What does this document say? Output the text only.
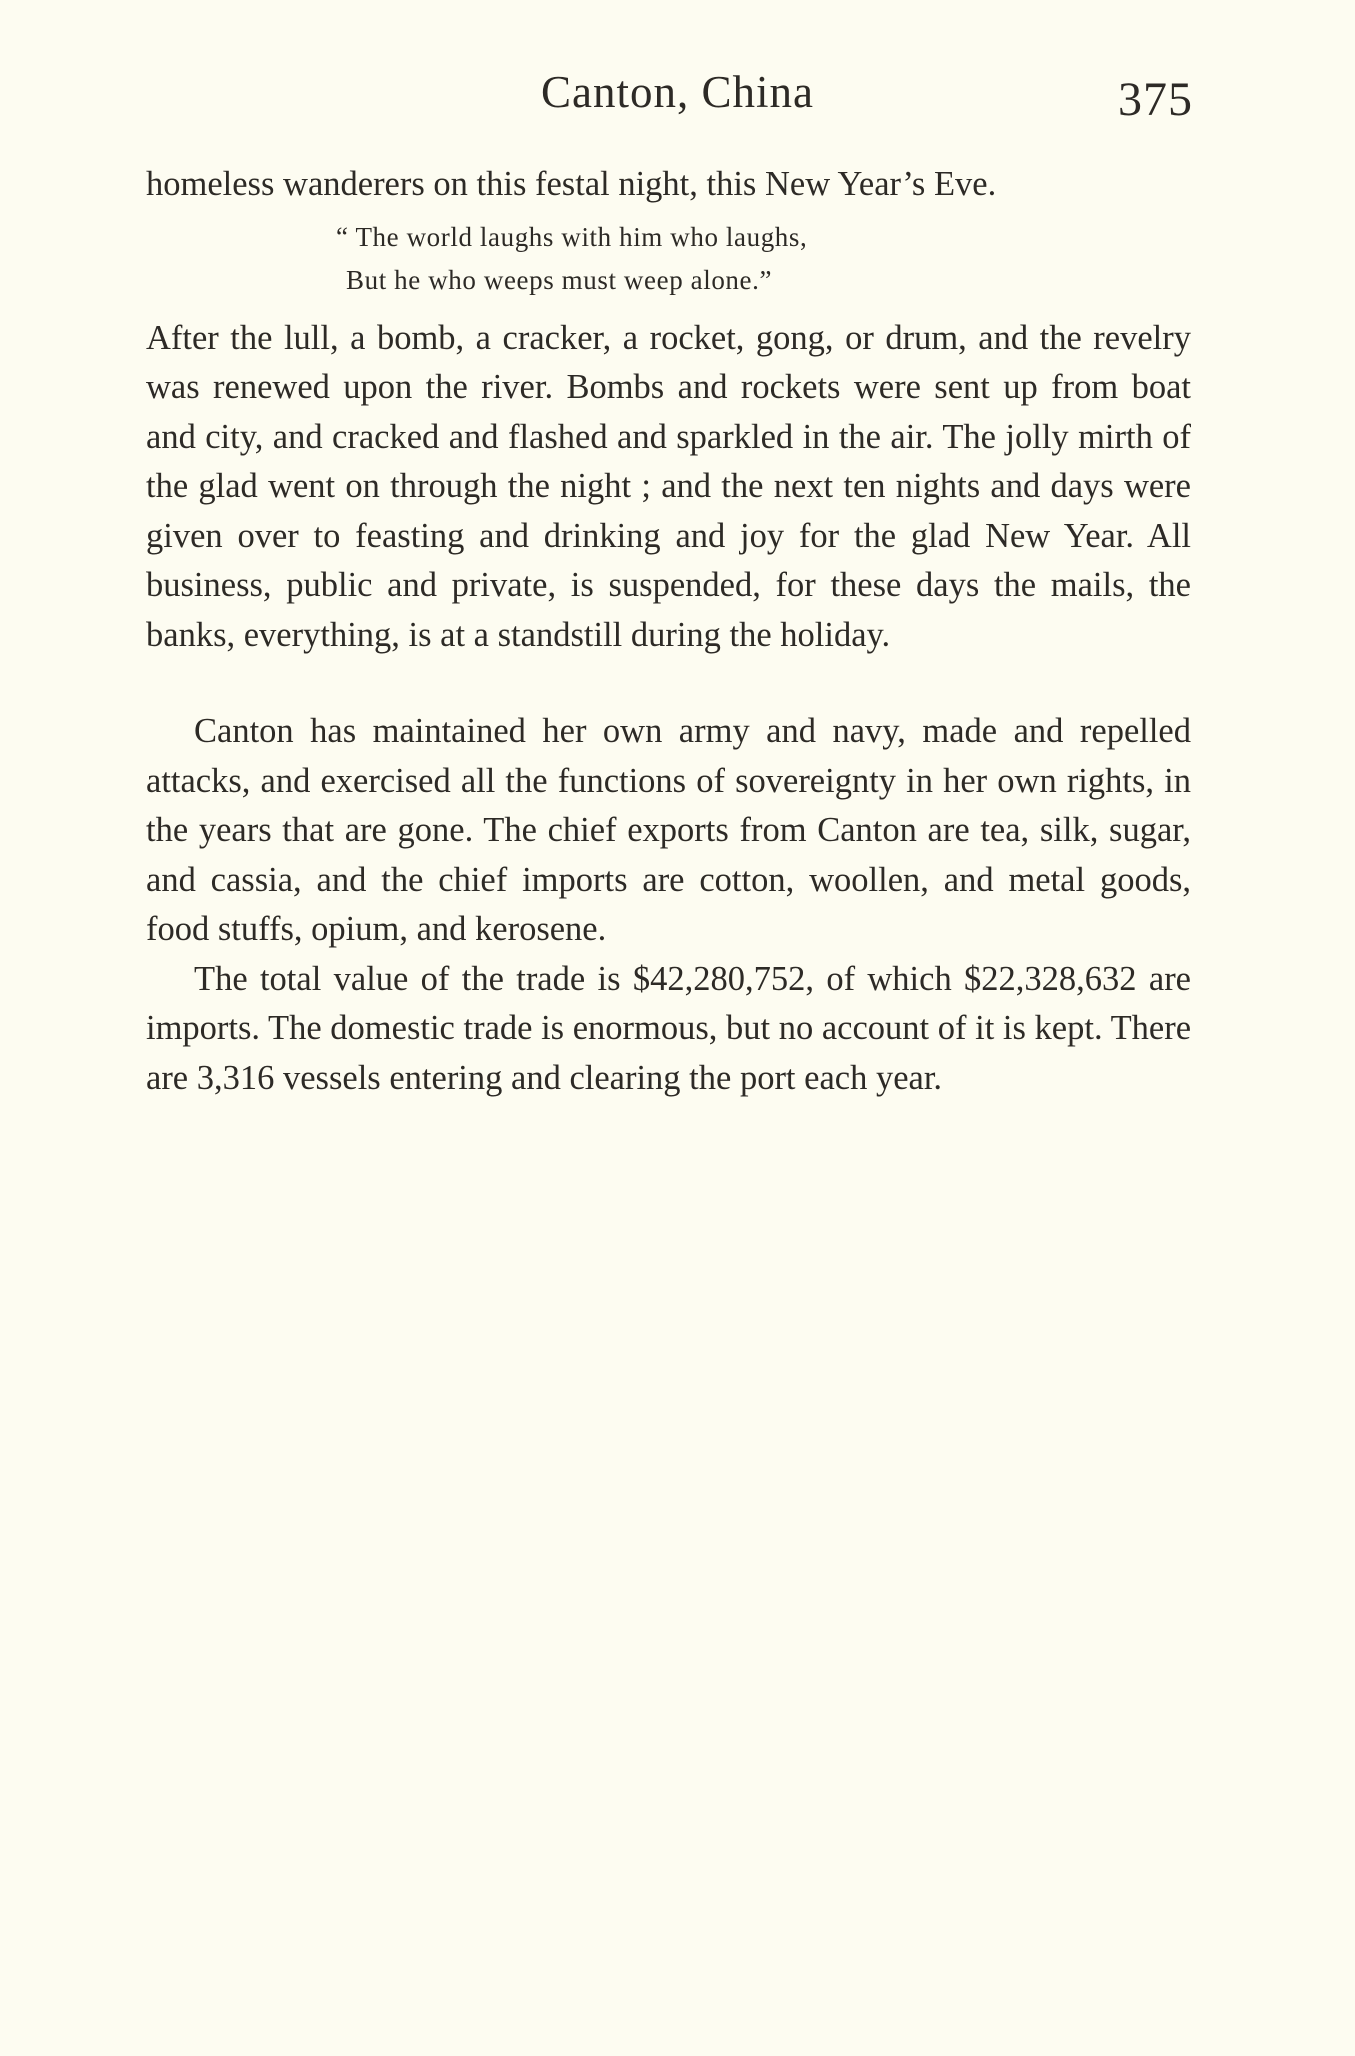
Canton, China	375

homeless wanderers on this festal night, this New Year’s Eve.

“ The world laughs with him who laughs,
But he who weeps must weep alone.”

After the lull, a bomb, a cracker, a rocket, gong, or drum, and the revelry was renewed upon the river. Bombs and rockets were sent up from boat and city, and cracked and flashed and sparkled in the air. The jolly mirth of the glad went on through the night ; and the next ten nights and days were given over to feasting and drinking and joy for the glad New Year. All business, public and private, is suspended, for these days the mails, the banks, everything, is at a standstill during the holiday.

Canton has maintained her own army and navy, made and repelled attacks, and exercised all the functions of sovereignty in her own rights, in the years that are gone. The chief exports from Canton are tea, silk, sugar, and cassia, and the chief imports are cotton, woollen, and metal goods, food stuffs, opium, and kerosene.

The total value of the trade is $42,280,752, of which $22,328,632 are imports. The domestic trade is enormous, but no account of it is kept. There are 3,316 vessels entering and clearing the port each year.
